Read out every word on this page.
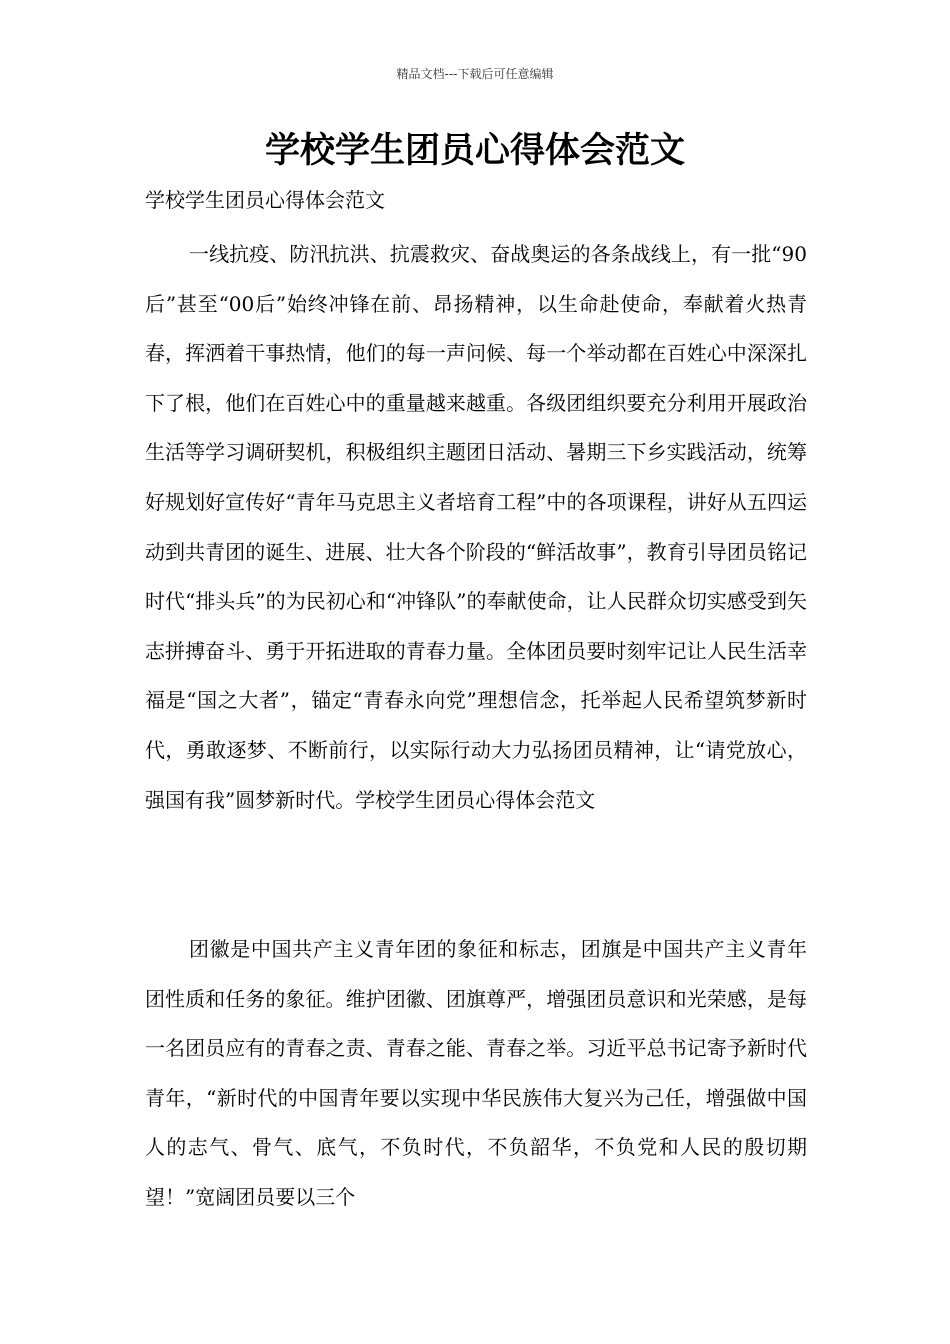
精品文档---下载后可任意编辑
学校学生团员心得体会范文

学校学生团员心得体会范文

一线抗疫、防汛抗洪、抗震救灾、奋战奥运的各条战线上，有一批“90后”甚至“00后”始终冲锋在前、昂扬精神，以生命赴使命，奉献着火热青春，挥洒着干事热情，他们的每一声问候、每一个举动都在百姓心中深深扎下了根，他们在百姓心中的重量越来越重。各级团组织要充分利用开展政治生活等学习调研契机，积极组织主题团日活动、暑期三下乡实践活动，统筹好规划好宣传好“青年马克思主义者培育工程”中的各项课程，讲好从五四运动到共青团的诞生、进展、壮大各个阶段的“鲜活故事”，教育引导团员铭记时代“排头兵”的为民初心和“冲锋队”的奉献使命，让人民群众切实感受到矢志拼搏奋斗、勇于开拓进取的青春力量。全体团员要时刻牢记让人民生活幸福是“国之大者”，锚定“青春永向党”理想信念，托举起人民希望筑梦新时代，勇敢逐梦、不断前行，以实际行动大力弘扬团员精神，让“请党放心，强国有我”圆梦新时代。学校学生团员心得体会范文

团徽是中国共产主义青年团的象征和标志，团旗是中国共产主义青年团性质和任务的象征。维护团徽、团旗尊严，增强团员意识和光荣感，是每一名团员应有的青春之责、青春之能、青春之举。习近平总书记寄予新时代青年，“新时代的中国青年要以实现中华民族伟大复兴为己任，增强做中国人的志气、骨气、底气，不负时代，不负韶华，不负党和人民的殷切期望！”宽阔团员要以三个
